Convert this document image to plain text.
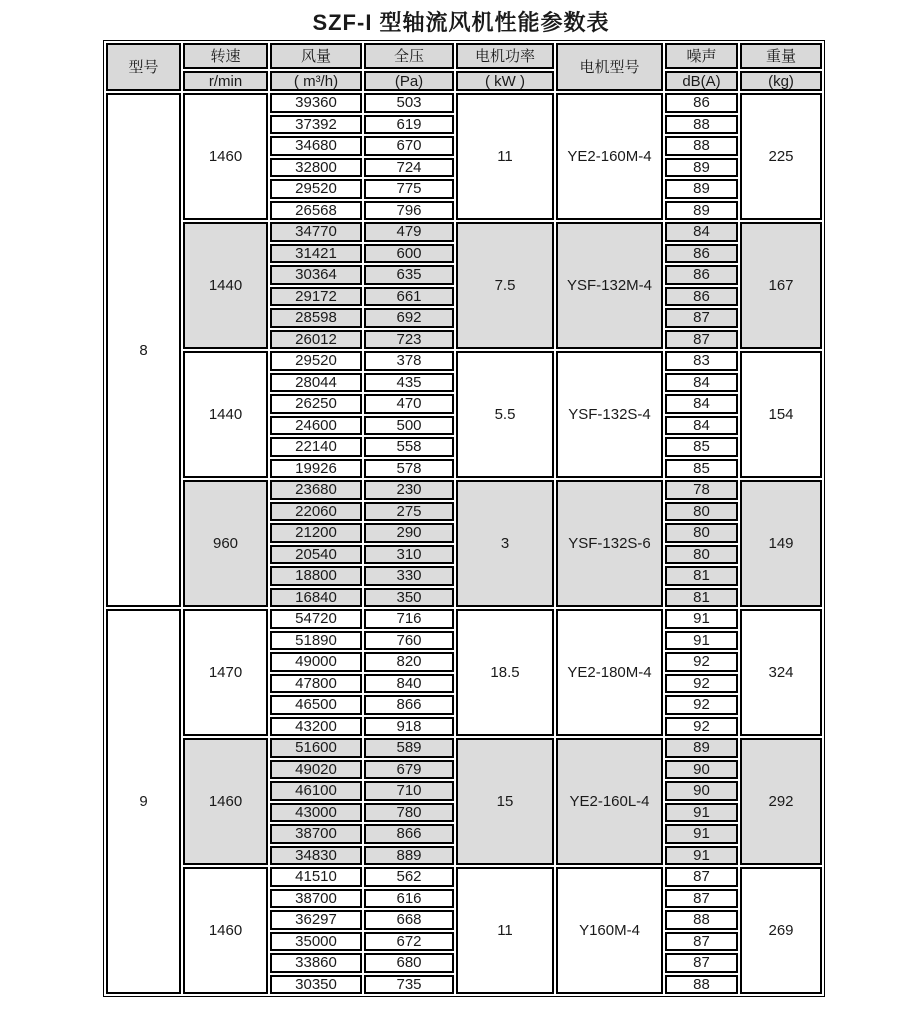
SZF-I 型轴流风机性能参数表
型号	转速	风量	全压	电机功率	电机型号	噪声	重量
	r/min	( m³/h)	(Pa)	( kW )		dB(A)	(kg)
8	1460	39360	503	11	YE2-160M-4	86	225
		37392	619			88	
		34680	670			88	
		32800	724			89	
		29520	775			89	
		26568	796			89	
	1440	34770	479	7.5	YSF-132M-4	84	167
		31421	600			86	
		30364	635			86	
		29172	661			86	
		28598	692			87	
		26012	723			87	
	1440	29520	378	5.5	YSF-132S-4	83	154
		28044	435			84	
		26250	470			84	
		24600	500			84	
		22140	558			85	
		19926	578			85	
	960	23680	230	3	YSF-132S-6	78	149
		22060	275			80	
		21200	290			80	
		20540	310			80	
		18800	330			81	
		16840	350			81	
9	1470	54720	716	18.5	YE2-180M-4	91	324
		51890	760			91	
		49000	820			92	
		47800	840			92	
		46500	866			92	
		43200	918			92	
	1460	51600	589	15	YE2-160L-4	89	292
		49020	679			90	
		46100	710			90	
		43000	780			91	
		38700	866			91	
		34830	889			91	
	1460	41510	562	11	Y160M-4	87	269
		38700	616			87	
		36297	668			88	
		35000	672			87	
		33860	680			87	
		30350	735			88	
